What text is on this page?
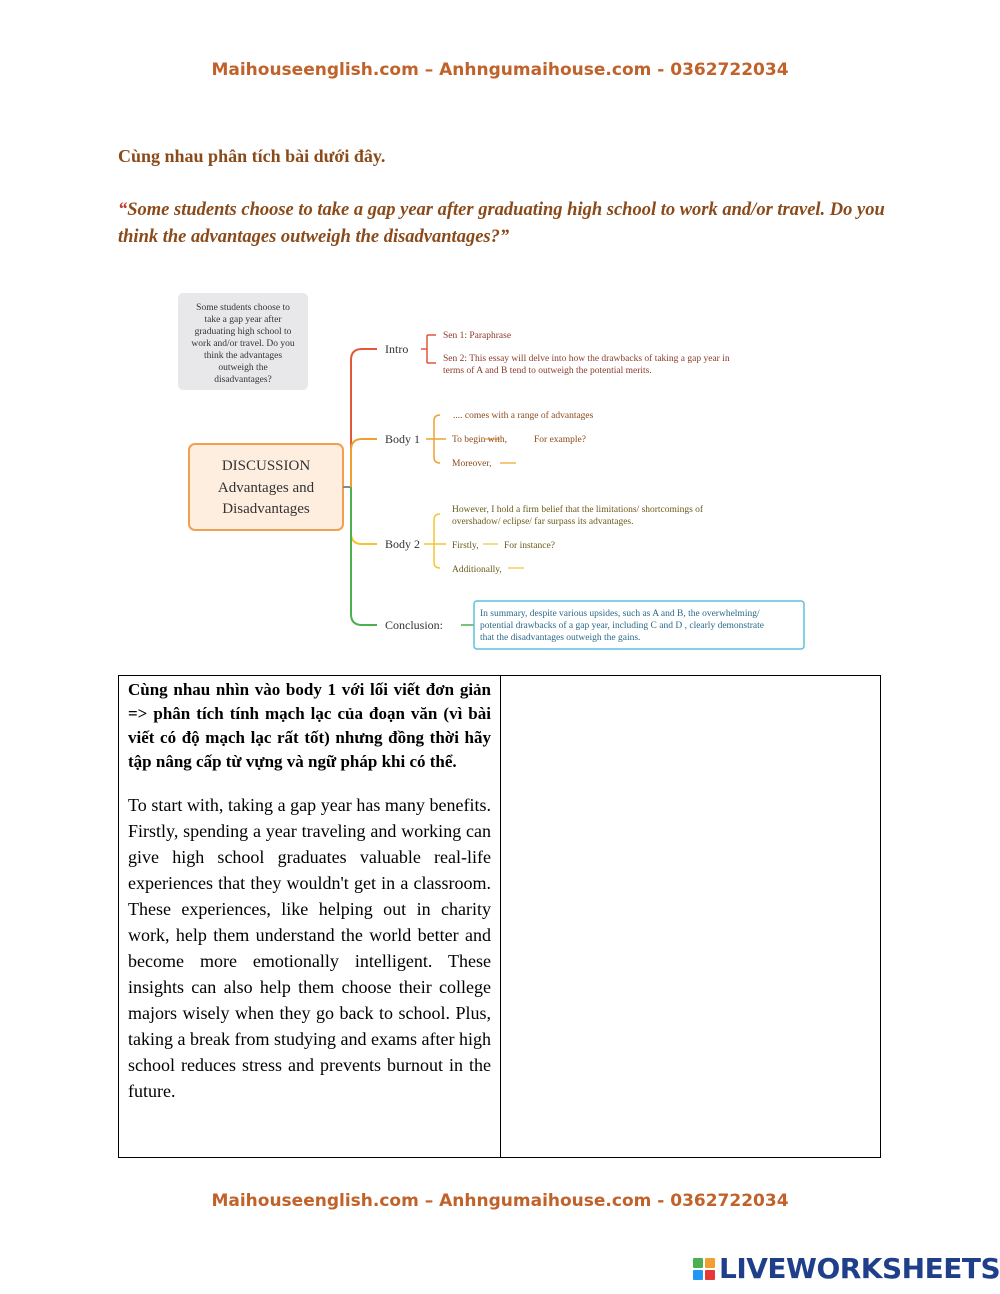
Maihouseenglish.com – Anhngumaihouse.com - 0362722034
Cùng nhau phân tích bài dưới đây.
“Some students choose to take a gap year after graduating high school to work and/or travel. Do you think the advantages outweigh the disadvantages?”
Some students choose to
take a gap year after
graduating high school to
work and/or travel. Do you
think the advantages
outweigh the
disadvantages?
DISCUSSION
Advantages and
Disadvantages
Intro
Body 1
Body 2
Conclusion:
Sen 1: Paraphrase
Sen 2: This essay will delve into how the drawbacks of taking a gap year in
terms of A and B tend to outweigh the potential merits.
.... comes with a range of advantages
To begin with,	For example?
Moreover,
However, I hold a firm belief that the limitations/ shortcomings of
overshadow/ eclipse/ far surpass its advantages.
Firstly,	For instance?
Additionally,
In summary, despite various upsides, such as A and B, the overwhelming/
potential drawbacks of a gap year, including C and D , clearly demonstrate
that the disadvantages outweigh the gains.

Cùng nhau nhìn vào body 1 với lối viết đơn giản => phân tích tính mạch lạc của đoạn văn (vì bài viết có độ mạch lạc rất tốt) nhưng đồng thời hãy tập nâng cấp từ vựng và ngữ pháp khi có thể.

To start with, taking a gap year has many benefits. Firstly, spending a year traveling and working can give high school graduates valuable real-life experiences that they wouldn't get in a classroom. These experiences, like helping out in charity work, help them understand the world better and become more emotionally intelligent. These insights can also help them choose their college majors wisely when they go back to school. Plus, taking a break from studying and exams after high school reduces stress and prevents burnout in the future.

Maihouseenglish.com – Anhngumaihouse.com - 0362722034
LIVEWORKSHEETS
